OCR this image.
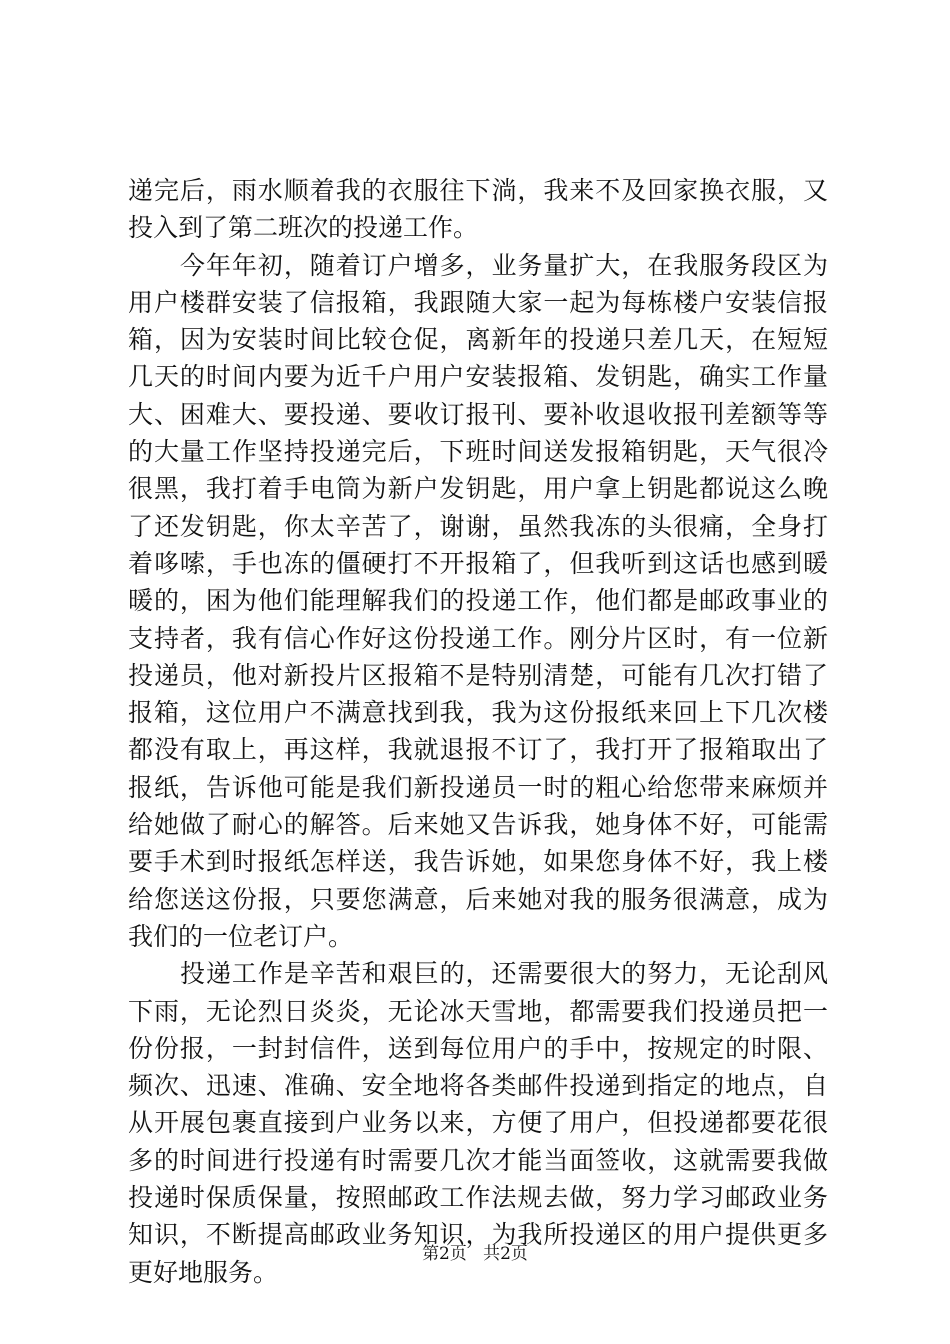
递完后，雨水顺着我的衣服往下淌，我来不及回家换衣服，又
投入到了第二班次的投递工作。
今年年初，随着订户增多，业务量扩大，在我服务段区为
用户楼群安装了信报箱，我跟随大家一起为每栋楼户安装信报
箱，因为安装时间比较仓促，离新年的投递只差几天，在短短
几天的时间内要为近千户用户安装报箱、发钥匙，确实工作量
大、困难大、要投递、要收订报刊、要补收退收报刊差额等等
的大量工作坚持投递完后，下班时间送发报箱钥匙，天气很冷
很黑，我打着手电筒为新户发钥匙，用户拿上钥匙都说这么晚
了还发钥匙，你太辛苦了，谢谢，虽然我冻的头很痛，全身打
着哆嗦，手也冻的僵硬打不开报箱了，但我听到这话也感到暖
暖的，困为他们能理解我们的投递工作，他们都是邮政事业的
支持者，我有信心作好这份投递工作。刚分片区时，有一位新
投递员，他对新投片区报箱不是特别清楚，可能有几次打错了
报箱，这位用户不满意找到我，我为这份报纸来回上下几次楼
都没有取上，再这样，我就退报不订了，我打开了报箱取出了
报纸，告诉他可能是我们新投递员一时的粗心给您带来麻烦并
给她做了耐心的解答。后来她又告诉我，她身体不好，可能需
要手术到时报纸怎样送，我告诉她，如果您身体不好，我上楼
给您送这份报，只要您满意，后来她对我的服务很满意，成为
我们的一位老订户。
投递工作是辛苦和艰巨的，还需要很大的努力，无论刮风
下雨，无论烈日炎炎，无论冰天雪地，都需要我们投递员把一
份份报，一封封信件，送到每位用户的手中，按规定的时限、
频次、迅速、准确、安全地将各类邮件投递到指定的地点，自
从开展包裹直接到户业务以来，方便了用户，但投递都要花很
多的时间进行投递有时需要几次才能当面签收，这就需要我做
投递时保质保量，按照邮政工作法规去做，努力学习邮政业务
知识，不断提高邮政业务知识，为我所投递区的用户提供更多
更好地服务。
第2页 共2页
